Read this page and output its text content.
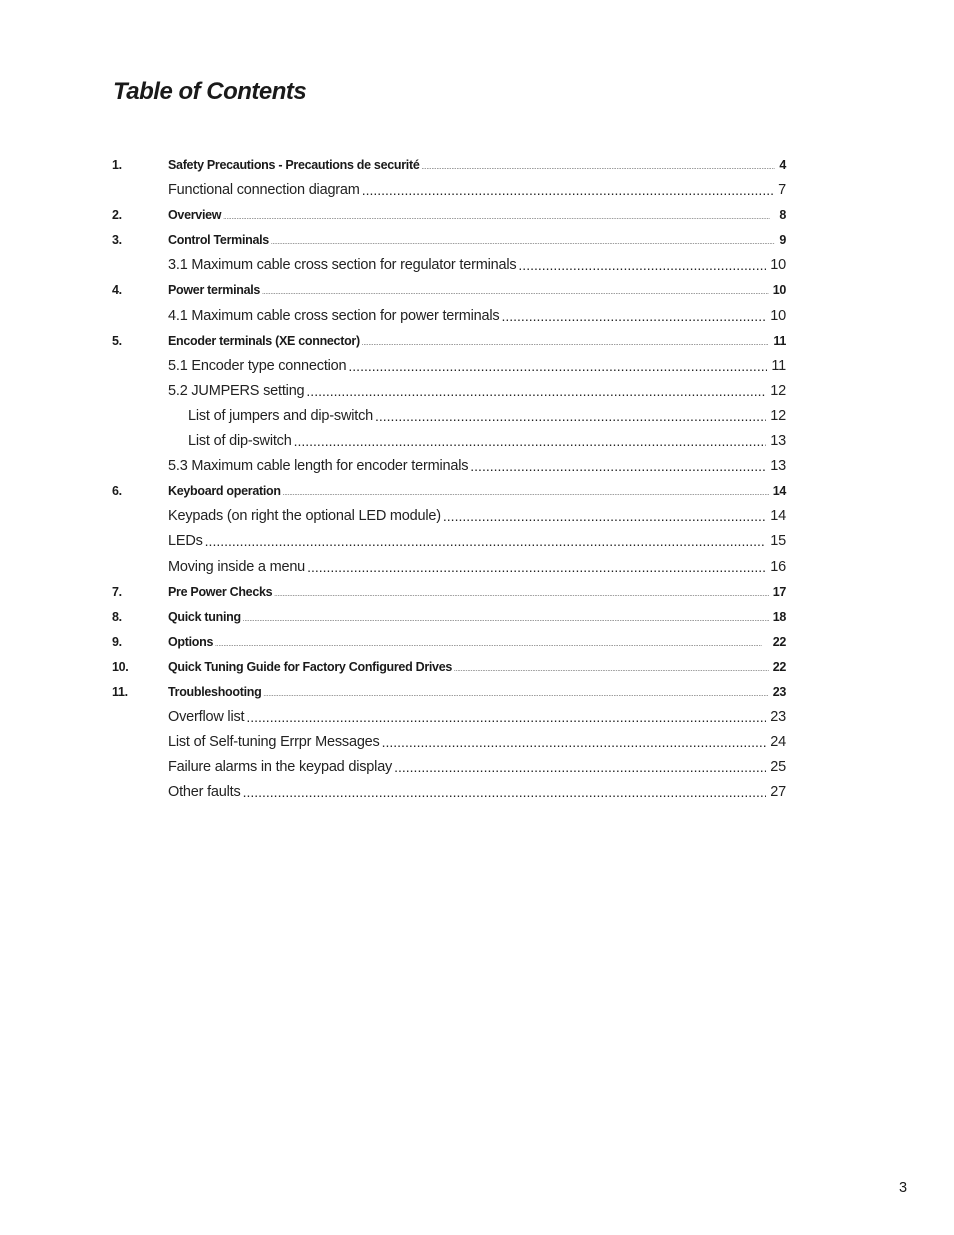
Table of Contents
1.	Safety Precautions - Precautions de securité .....	4
Functional connection diagram .....	7
2.	Overview .....	8
3.	Control Terminals .....	9
3.1 Maximum cable cross section for regulator terminals .....	10
4.	Power terminals .....	10
4.1 Maximum cable cross section for power terminals .....	10
5.	Encoder terminals (XE connector) .....	11
5.1 Encoder type connection .....	11
5.2 JUMPERS setting .....	12
List of jumpers and dip-switch .....	12
List of dip-switch .....	13
5.3 Maximum cable length for encoder terminals .....	13
6.	Keyboard operation .....	14
Keypads (on right the optional LED module) .....	14
LEDs .....	15
Moving inside a menu .....	16
7.	Pre Power Checks .....	17
8.	Quick tuning .....	18
9.	Options .....	22
10.	Quick Tuning Guide for Factory Configured Drives .....	22
11.	Troubleshooting .....	23
Overflow list .....	23
List of Self-tuning Errpr Messages .....	24
Failure alarms in the keypad display .....	25
Other faults .....	27
3
